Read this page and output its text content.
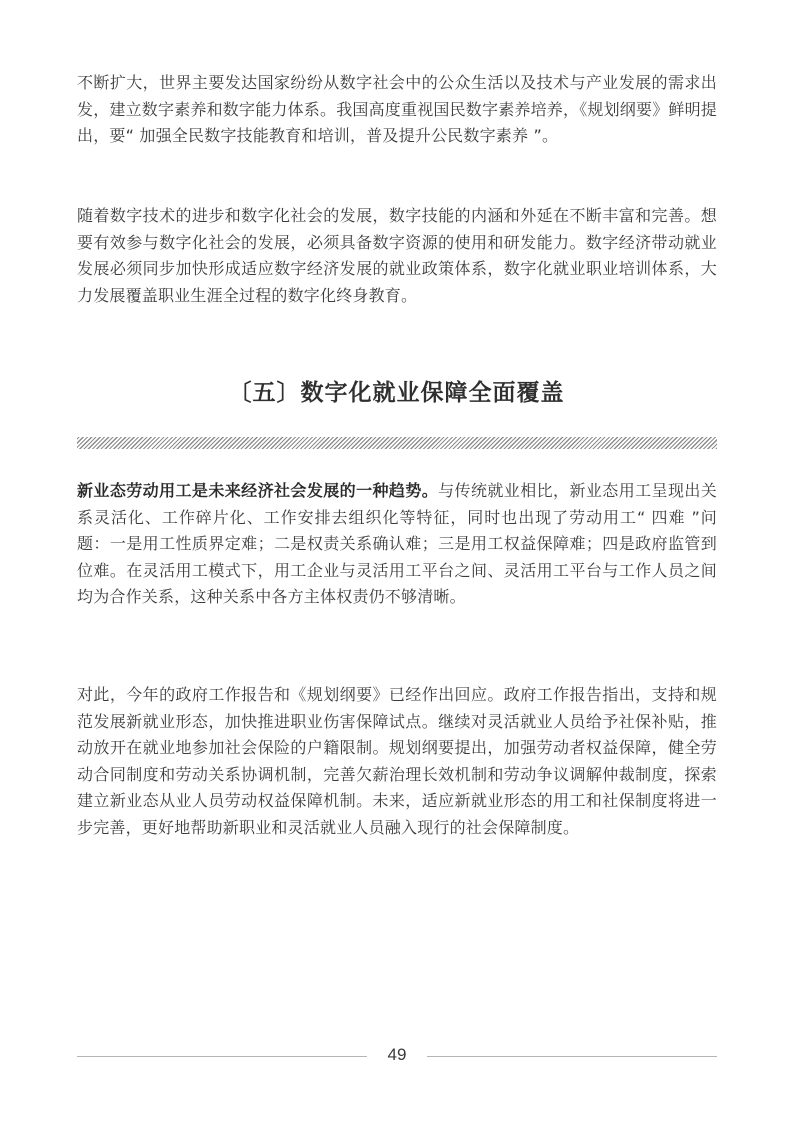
不断扩大，世界主要发达国家纷纷从数字社会中的公众生活以及技术与产业发展的需求出发，建立数字素养和数字能力体系。我国高度重视国民数字素养培养，《规划纲要》鲜明提出，要“ 加强全民数字技能教育和培训，普及提升公民数字素养 ”。

随着数字技术的进步和数字化社会的发展，数字技能的内涵和外延在不断丰富和完善。想要有效参与数字化社会的发展，必须具备数字资源的使用和研发能力。数字经济带动就业发展必须同步加快形成适应数字经济发展的就业政策体系，数字化就业职业培训体系，大力发展覆盖职业生涯全过程的数字化终身教育。

〔五〕数字化就业保障全面覆盖

新业态劳动用工是未来经济社会发展的一种趋势。与传统就业相比，新业态用工呈现出关系灵活化、工作碎片化、工作安排去组织化等特征，同时也出现了劳动用工“ 四难 ”问题：一是用工性质界定难；二是权责关系确认难；三是用工权益保障难；四是政府监管到位难。在灵活用工模式下，用工企业与灵活用工平台之间、灵活用工平台与工作人员之间均为合作关系，这种关系中各方主体权责仍不够清晰。

对此，今年的政府工作报告和《规划纲要》已经作出回应。政府工作报告指出，支持和规范发展新就业形态，加快推进职业伤害保障试点。继续对灵活就业人员给予社保补贴，推动放开在就业地参加社会保险的户籍限制。规划纲要提出，加强劳动者权益保障，健全劳动合同制度和劳动关系协调机制，完善欠薪治理长效机制和劳动争议调解仲裁制度，探索建立新业态从业人员劳动权益保障机制。未来，适应新就业形态的用工和社保制度将进一步完善，更好地帮助新职业和灵活就业人员融入现行的社会保障制度。

49
